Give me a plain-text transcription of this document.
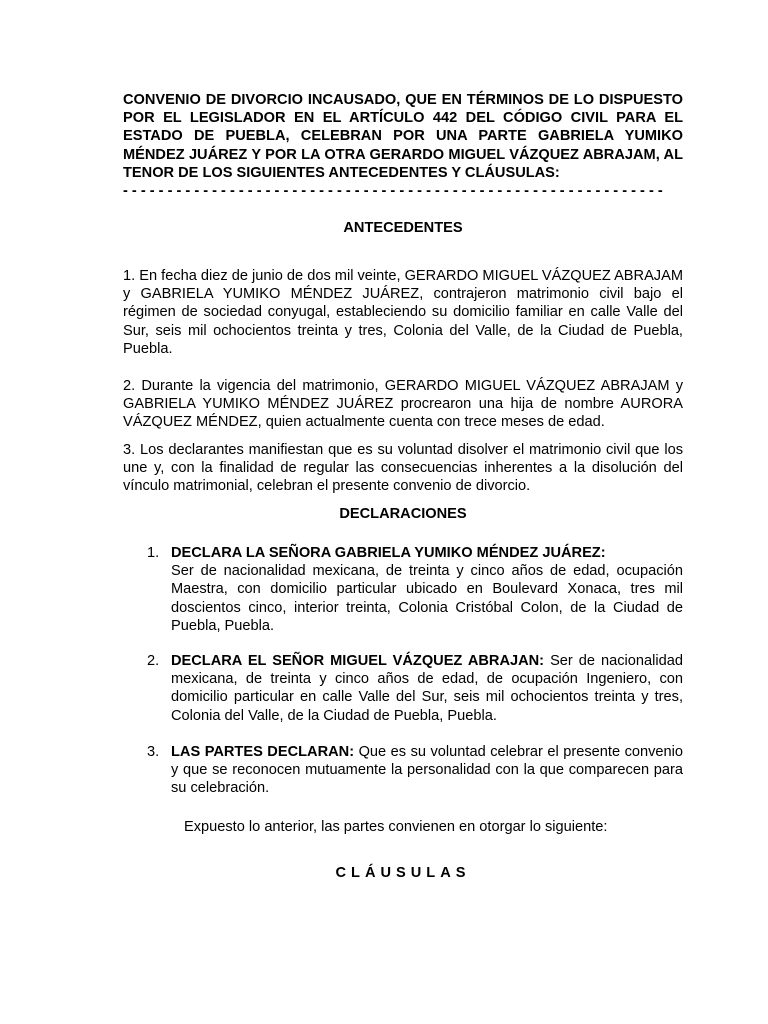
CONVENIO DE DIVORCIO INCAUSADO, QUE EN TÉRMINOS DE LO DISPUESTO POR EL LEGISLADOR EN EL ARTÍCULO 442 DEL CÓDIGO CIVIL PARA EL ESTADO DE PUEBLA, CELEBRAN POR UNA PARTE GABRIELA YUMIKO MÉNDEZ JUÁREZ Y POR LA OTRA GERARDO MIGUEL VÁZQUEZ ABRAJAM, AL TENOR DE LOS SIGUIENTES ANTECEDENTES Y CLÁUSULAS:
- - - - - - - - - - - - - - - - - - - - - - - - - - - - - - - - - - - - - - - - - - - - - - - - - - - - - - - - - - - - -

ANTECEDENTES

1. En fecha diez de junio de dos mil veinte, GERARDO MIGUEL VÁZQUEZ ABRAJAM y GABRIELA YUMIKO MÉNDEZ JUÁREZ, contrajeron matrimonio civil bajo el régimen de sociedad conyugal, estableciendo su domicilio familiar en calle Valle del Sur, seis mil ochocientos treinta y tres, Colonia del Valle, de la Ciudad de Puebla, Puebla.

2. Durante la vigencia del matrimonio, GERARDO MIGUEL VÁZQUEZ ABRAJAM y GABRIELA YUMIKO MÉNDEZ JUÁREZ procrearon una hija de nombre AURORA VÁZQUEZ MÉNDEZ, quien actualmente cuenta con trece meses de edad.

3. Los declarantes manifiestan que es su voluntad disolver el matrimonio civil que los une y, con la finalidad de regular las consecuencias inherentes a la disolución del vínculo matrimonial, celebran el presente convenio de divorcio.

DECLARACIONES

1. DECLARA LA SEÑORA GABRIELA YUMIKO MÉNDEZ JUÁREZ:
Ser de nacionalidad mexicana, de treinta y cinco años de edad, ocupación Maestra, con domicilio particular ubicado en Boulevard Xonaca, tres mil doscientos cinco, interior treinta, Colonia Cristóbal Colon, de la Ciudad de Puebla, Puebla.
2. DECLARA EL SEÑOR MIGUEL VÁZQUEZ ABRAJAN: Ser de nacionalidad mexicana, de treinta y cinco años de edad, de ocupación Ingeniero, con domicilio particular en calle Valle del Sur, seis mil ochocientos treinta y tres, Colonia del Valle, de la Ciudad de Puebla, Puebla.
3. LAS PARTES DECLARAN: Que es su voluntad celebrar el presente convenio y que se reconocen mutuamente la personalidad con la que comparecen para su celebración.

Expuesto lo anterior, las partes convienen en otorgar lo siguiente:

CLÁUSULAS
